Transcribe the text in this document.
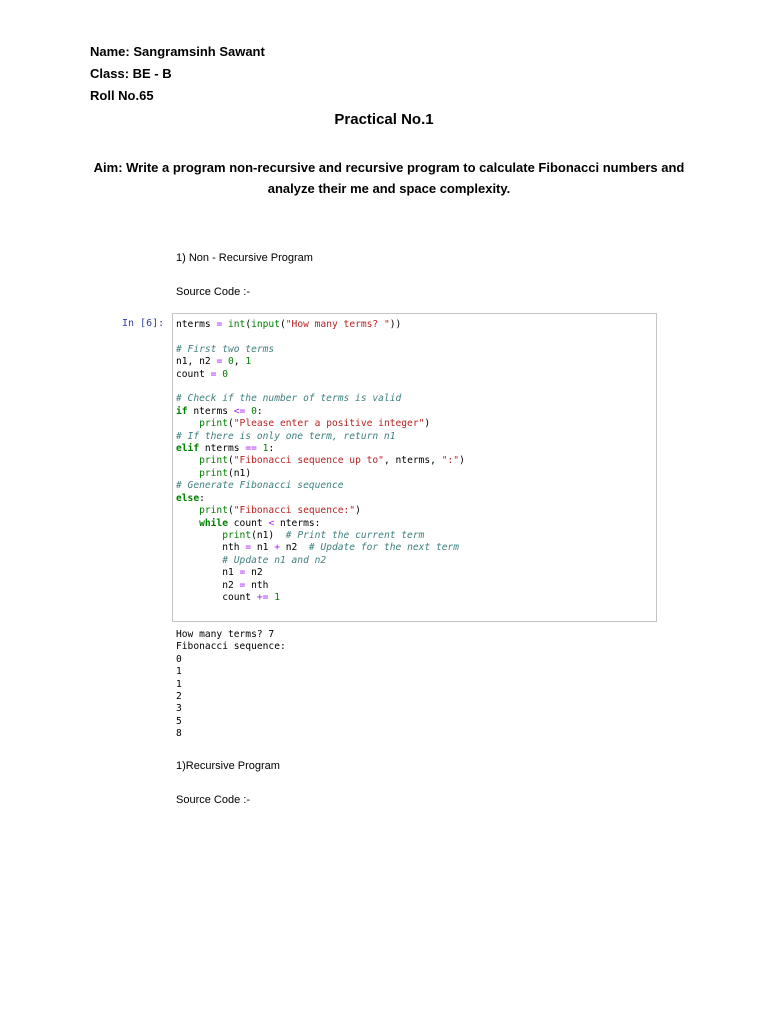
Name: Sangramsinh Sawant
Class: BE - B
Roll No.65
Practical No.1
Aim: Write a program non-recursive and recursive program to calculate Fibonacci numbers and analyze their me and space complexity.
1) Non - Recursive Program
Source Code :-
In [6]: nterms = int(input("How many terms? "))

# First two terms
n1, n2 = 0, 1
count = 0

# Check if the number of terms is valid
if nterms <= 0:
print("Please enter a positive integer")
# If there is only one term, return n1
elif nterms == 1:
print("Fibonacci sequence up to", nterms, ":")
print(n1)
# Generate Fibonacci sequence
else:
print("Fibonacci sequence:")
while count < nterms:
print(n1)  # Print the current term
nth = n1 + n2  # Update for the next term
# Update n1 and n2
n1 = n2
n2 = nth
count += 1
How many terms? 7
Fibonacci sequence:
0
1
1
2
3
5
8
1)Recursive Program
Source Code :-
